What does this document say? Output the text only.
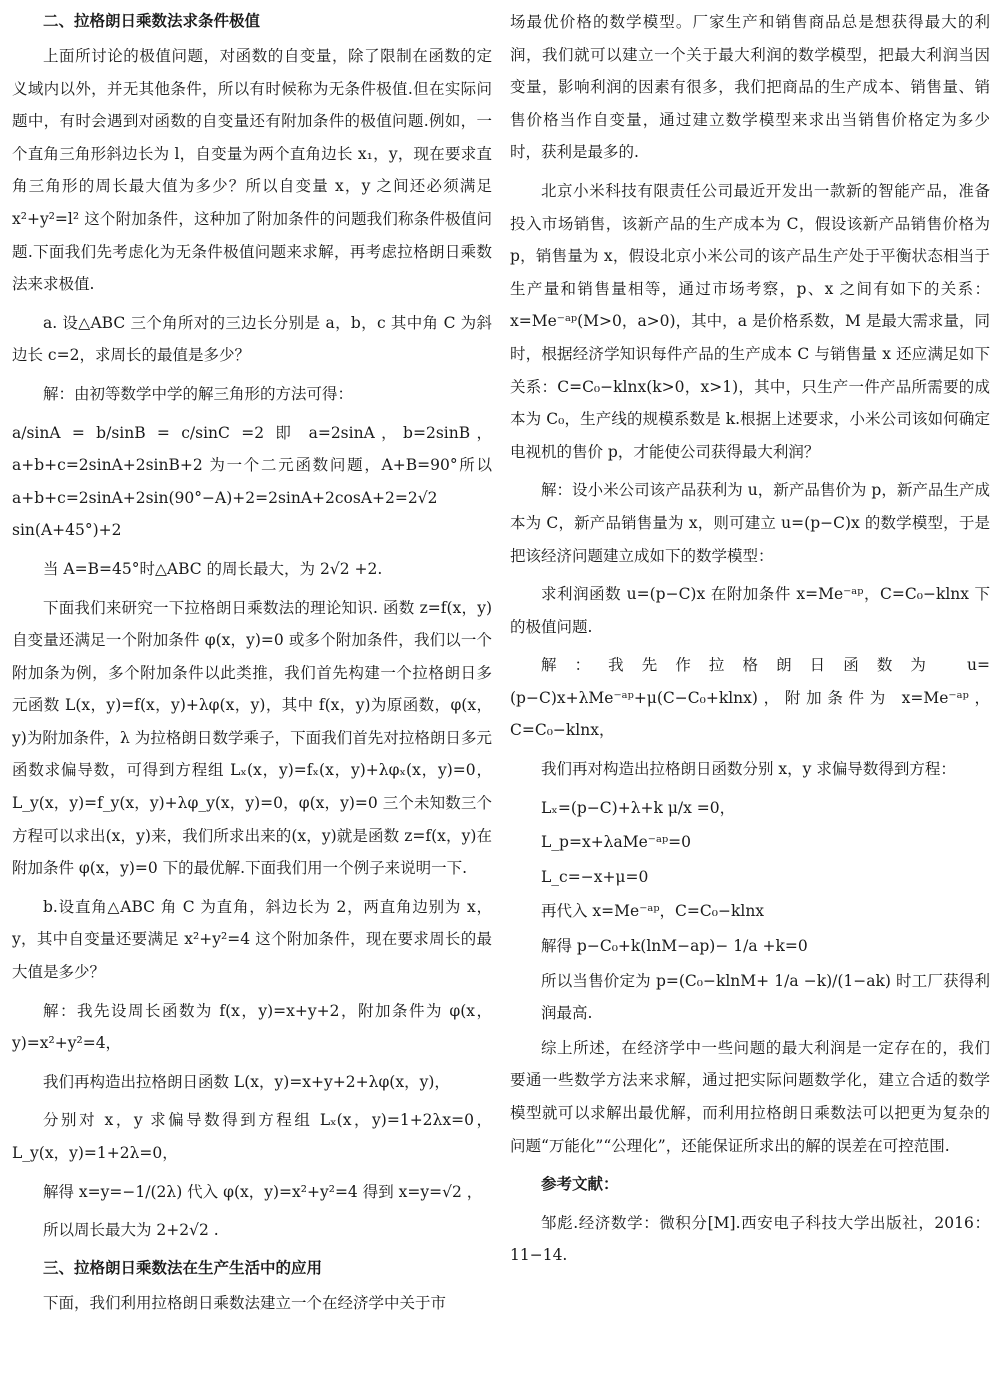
二、拉格朗日乘数法求条件极值

上面所讨论的极值问题，对函数的自变量，除了限制在函数的定义域内以外，并无其他条件，所以有时候称为无条件极值.但在实际问题中，有时会遇到对函数的自变量还有附加条件的极值问题.例如，一个直角三角形斜边长为 l，自变量为两个直角边长 x₁，y，现在要求直角三角形的周长最大值为多少？所以自变量 x，y 之间还必须满足 x²+y²=l² 这个附加条件，这种加了附加条件的问题我们称条件极值问题.下面我们先考虑化为无条件极值问题来求解，再考虑拉格朗日乘数法来求极值.

a. 设△ABC 三个角所对的三边长分别是 a，b，c 其中角 C 为斜边长 c=2，求周长的最值是多少？

解：由初等数学中学的解三角形的方法可得：

a/sinA = b/sinB = c/sinC =2 即 a=2sinA，b=2sinB，a+b+c=2sinA+2sinB+2 为一个二元函数问题，A+B=90°所以 a+b+c=2sinA+2sin(90°−A)+2=2sinA+2cosA+2=2√2 sin(A+45°)+2

当 A=B=45°时△ABC 的周长最大，为 2√2 +2.

下面我们来研究一下拉格朗日乘数法的理论知识. 函数 z=f(x，y)自变量还满足一个附加条件 φ(x，y)=0 或多个附加条件，我们以一个附加条为例，多个附加条件以此类推，我们首先构建一个拉格朗日多元函数 L(x，y)=f(x，y)+λφ(x，y)，其中 f(x，y)为原函数，φ(x，y)为附加条件，λ 为拉格朗日数学乘子，下面我们首先对拉格朗日多元函数求偏导数，可得到方程组 Lₓ(x，y)=fₓ(x，y)+λφₓ(x，y)=0，L_y(x，y)=f_y(x，y)+λφ_y(x，y)=0，φ(x，y)=0 三个未知数三个方程可以求出(x，y)来，我们所求出来的(x，y)就是函数 z=f(x，y)在附加条件 φ(x，y)=0 下的最优解.下面我们用一个例子来说明一下.

b.设直角△ABC 角 C 为直角，斜边长为 2，两直角边别为 x，y，其中自变量还要满足 x²+y²=4 这个附加条件，现在要求周长的最大值是多少？

解：我先设周长函数为 f(x，y)=x+y+2，附加条件为 φ(x，y)=x²+y²=4，

我们再构造出拉格朗日函数 L(x，y)=x+y+2+λφ(x，y)，

分别对 x，y 求偏导数得到方程组 Lₓ(x，y)=1+2λx=0，L_y(x，y)=1+2λ=0，

解得 x=y=−1/(2λ) 代入 φ(x，y)=x²+y²=4 得到 x=y=√2 ，

所以周长最大为 2+2√2 .

三、拉格朗日乘数法在生产生活中的应用

下面，我们利用拉格朗日乘数法建立一个在经济学中关于市

场最优价格的数学模型。厂家生产和销售商品总是想获得最大的利润，我们就可以建立一个关于最大利润的数学模型，把最大利润当因变量，影响利润的因素有很多，我们把商品的生产成本、销售量、销售价格当作自变量，通过建立数学模型来求出当销售价格定为多少时，获利是最多的.

北京小米科技有限责任公司最近开发出一款新的智能产品，准备投入市场销售，该新产品的生产成本为 C，假设该新产品销售价格为 p，销售量为 x，假设北京小米公司的该产品生产处于平衡状态相当于生产量和销售量相等，通过市场考察，p、x 之间有如下的关系：x=Me⁻ᵃᵖ(M>0，a>0)，其中，a 是价格系数，M 是最大需求量，同时，根据经济学知识每件产品的生产成本 C 与销售量 x 还应满足如下关系：C=C₀−klnx(k>0，x>1)，其中，只生产一件产品所需要的成本为 C₀，生产线的规模系数是 k.根据上述要求，小米公司该如何确定电视机的售价 p，才能使公司获得最大利润？

解：设小米公司该产品获利为 u，新产品售价为 p，新产品生产成本为 C，新产品销售量为 x，则可建立 u=(p−C)x 的数学模型，于是把该经济问题建立成如下的数学模型：

求利润函数 u=(p−C)x 在附加条件 x=Me⁻ᵃᵖ，C=C₀−klnx 下的极值问题.

解：我先作拉格朗日函数为 u=(p−C)x+λMe⁻ᵃᵖ+μ(C−C₀+klnx)，附加条件为 x=Me⁻ᵃᵖ，C=C₀−klnx，

我们再对构造出拉格朗日函数分别 x，y 求偏导数得到方程：

Lₓ=(p−C)+λ+k μ/x =0，

L_p=x+λaMe⁻ᵃᵖ=0

L_c=−x+μ=0

再代入 x=Me⁻ᵃᵖ，C=C₀−klnx

解得 p−C₀+k(lnM−ap)− 1/a +k=0

所以当售价定为 p=(C₀−klnM+ 1/a −k)/(1−ak) 时工厂获得利润最高.

综上所述，在经济学中一些问题的最大利润是一定存在的，我们要通一些数学方法来求解，通过把实际问题数学化，建立合适的数学模型就可以求解出最优解，而利用拉格朗日乘数法可以把更为复杂的问题“万能化”“公理化”，还能保证所求出的解的误差在可控范围.

参考文献：

邹彪.经济数学：微积分[M].西安电子科技大学出版社，2016：11−14.
